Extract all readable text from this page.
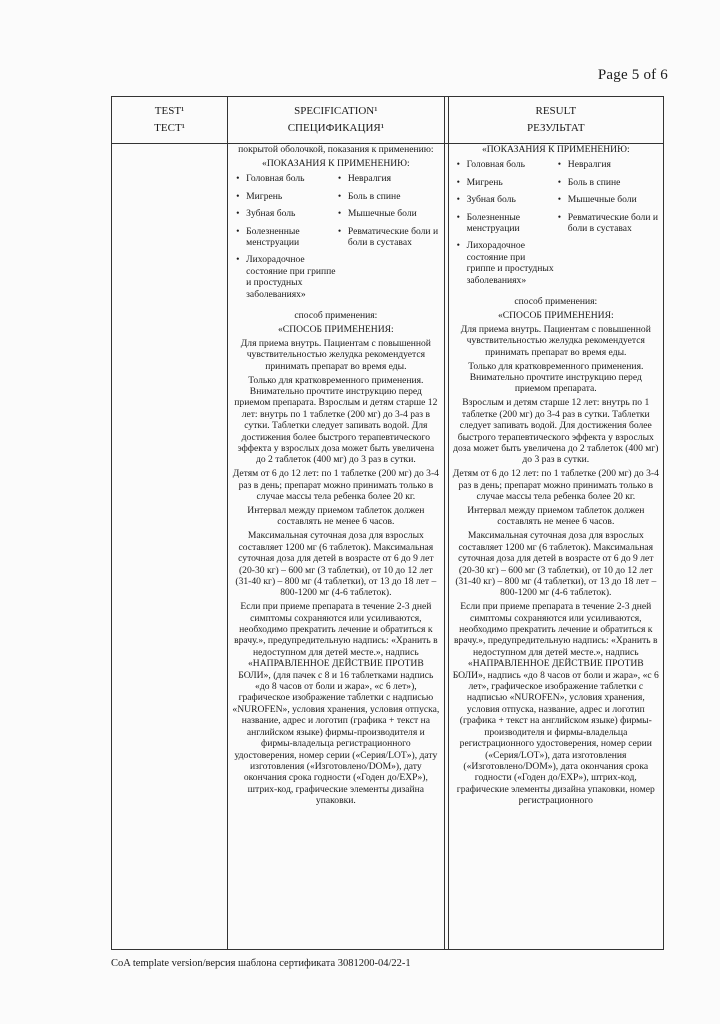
Page 5 of 6
TEST¹
ТЕСТ¹
SPECIFICATION¹
СПЕЦИФИКАЦИЯ¹
RESULT
РЕЗУЛЬТАТ

покрытой оболочкой, показания к применению:

«ПОКАЗАНИЯ К ПРИМЕНЕНИЮ:

• Головная боль
• Мигрень
• Зубная боль
• Болезненные менструации
• Лихорадочное состояние при гриппе и простудных заболеваниях»
• Невралгия
• Боль в спине
• Мышечные боли
• Ревматические боли и боли в суставах

способ применения:

«СПОСОБ ПРИМЕНЕНИЯ:

Для приема внутрь. Пациентам с повышенной чувствительностью желудка рекомендуется принимать препарат во время еды.

Только для кратковременного применения. Внимательно прочтите инструкцию перед приемом препарата. Взрослым и детям старше 12 лет: внутрь по 1 таблетке (200 мг) до 3-4 раз в сутки. Таблетки следует запивать водой. Для достижения более быстрого терапевтического эффекта у взрослых доза может быть увеличена до 2 таблеток (400 мг) до 3 раз в сутки.

Детям от 6 до 12 лет: по 1 таблетке (200 мг) до 3-4 раз в день; препарат можно принимать только в случае массы тела ребенка более 20 кг.

Интервал между приемом таблеток должен составлять не менее 6 часов.

Максимальная суточная доза для взрослых составляет 1200 мг (6 таблеток). Максимальная суточная доза для детей в возрасте от 6 до 9 лет (20-30 кг) – 600 мг (3 таблетки), от 10 до 12 лет (31-40 кг) – 800 мг (4 таблетки), от 13 до 18 лет – 800-1200 мг (4-6 таблеток).

Если при приеме препарата в течение 2-3 дней симптомы сохраняются или усиливаются, необходимо прекратить лечение и обратиться к врачу.», предупредительную надпись: «Хранить в недоступном для детей месте.», надпись «НАПРАВЛЕННОЕ ДЕЙСТВИЕ ПРОТИВ БОЛИ», (для пачек с 8 и 16 таблетками надпись «до 8 часов от боли и жара», «с 6 лет»), графическое изображение таблетки с надписью «NUROFEN», условия хранения, условия отпуска, название, адрес и логотип (графика + текст на английском языке) фирмы-производителя и фирмы-владельца регистрационного удостоверения, номер серии («Серия/LOT»), дату изготовления («Изготовлено/DOM»), дату окончания срока годности («Годен до/EXP»), штрих-код, графические элементы дизайна упаковки.

«ПОКАЗАНИЯ К ПРИМЕНЕНИЮ:

• Головная боль
• Мигрень
• Зубная боль
• Болезненные менструации
• Лихорадочное состояние при гриппе и простудных заболеваниях»
• Невралгия
• Боль в спине
• Мышечные боли
• Ревматические боли и боли в суставах

способ применения:

«СПОСОБ ПРИМЕНЕНИЯ:

Для приема внутрь. Пациентам с повышенной чувствительностью желудка рекомендуется принимать препарат во время еды.

Только для кратковременного применения. Внимательно прочтите инструкцию перед приемом препарата.

Взрослым и детям старше 12 лет: внутрь по 1 таблетке (200 мг) до 3-4 раз в сутки. Таблетки следует запивать водой. Для достижения более быстрого терапевтического эффекта у взрослых доза может быть увеличена до 2 таблеток (400 мг) до 3 раз в сутки.

Детям от 6 до 12 лет: по 1 таблетке (200 мг) до 3-4 раз в день; препарат можно принимать только в случае массы тела ребенка более 20 кг.

Интервал между приемом таблеток должен составлять не менее 6 часов.

Максимальная суточная доза для взрослых составляет 1200 мг (6 таблеток). Максимальная суточная доза для детей в возрасте от 6 до 9 лет (20-30 кг) – 600 мг (3 таблетки), от 10 до 12 лет (31-40 кг) – 800 мг (4 таблетки), от 13 до 18 лет – 800-1200 мг (4-6 таблеток).

Если при приеме препарата в течение 2-3 дней симптомы сохраняются или усиливаются, необходимо прекратить лечение и обратиться к врачу.», предупредительную надпись: «Хранить в недоступном для детей месте.», надпись «НАПРАВЛЕННОЕ ДЕЙСТВИЕ ПРОТИВ БОЛИ», надпись «до 8 часов от боли и жара», «с 6 лет», графическое изображение таблетки с надписью «NUROFEN», условия хранения, условия отпуска, название, адрес и логотип (графика + текст на английском языке) фирмы-производителя и фирмы-владельца регистрационного удостоверения, номер серии («Серия/LOT»), дата изготовления («Изготовлено/DOM»), дата окончания срока годности («Годен до/EXP»), штрих-код, графические элементы дизайна упаковки, номер регистрационного

CoA template version/версия шаблона сертификата 3081200-04/22-1
